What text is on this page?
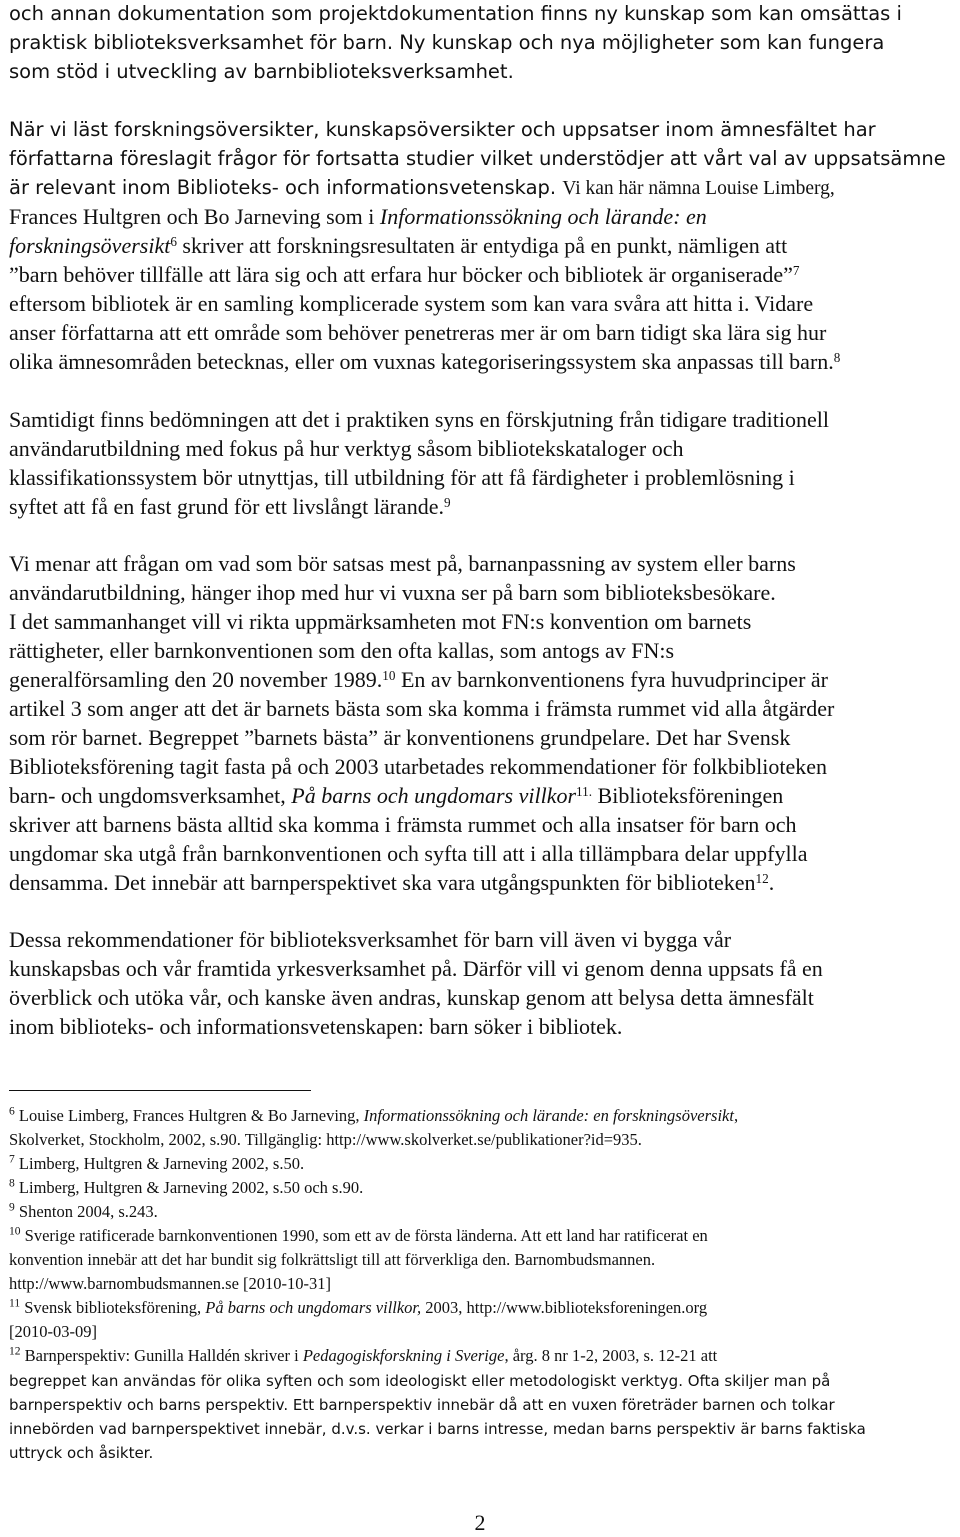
och annan dokumentation som projektdokumentation finns ny kunskap som kan omsättas i
praktisk biblioteksverksamhet för barn. Ny kunskap och nya möjligheter som kan fungera
som stöd i utveckling av barnbiblioteksverksamhet.
När vi läst forskningsöversikter, kunskapsöversikter och uppsatser inom ämnesfältet har
författarna föreslagit frågor för fortsatta studier vilket understödjer att vårt val av uppsatsämne
är relevant inom Biblioteks- och informationsvetenskap. Vi kan här nämna Louise Limberg,
Frances Hultgren och Bo Jarneving som i Informationssökning och lärande: en
forskningsöversikt$^6$ skriver att forskningsresultaten är entydiga på en punkt, nämligen att
”barn behöver tillfälle att lära sig och att erfara hur böcker och bibliotek är organiserade”$^7$
eftersom bibliotek är en samling komplicerade system som kan vara svåra att hitta i. Vidare
anser författarna att ett område som behöver penetreras mer är om barn tidigt ska lära sig hur
olika ämnesområden betecknas, eller om vuxnas kategoriseringssystem ska anpassas till barn.$^8$
Samtidigt finns bedömningen att det i praktiken syns en förskjutning från tidigare traditionell
användarutbildning med fokus på hur verktyg såsom bibliotekskataloger och
klassifikationssystem bör utnyttjas, till utbildning för att få färdigheter i problemlösning i
syftet att få en fast grund för ett livslångt lärande.$^9$
Vi menar att frågan om vad som bör satsas mest på, barnanpassning av system eller barns
användarutbildning, hänger ihop med hur vi vuxna ser på barn som biblioteksbesökare.
I det sammanhanget vill vi rikta uppmärksamheten mot FN:s konvention om barnets
rättigheter, eller barnkonventionen som den ofta kallas, som antogs av FN:s
generalförsamling den 20 november 1989.10 En av barnkonventionens fyra huvudprinciper är
artikel 3 som anger att det är barnets bästa som ska komma i främsta rummet vid alla åtgärder
som rör barnet. Begreppet ”barnets bästa” är konventionens grundpelare. Det har Svensk
Biblioteksförening tagit fasta på och 2003 utarbetades rekommendationer för folkbiblioteken
barn- och ungdomsverksamhet, På barns och ungdomars villkor$^{11.}$ Biblioteksföreningen
skriver att barnens bästa alltid ska komma i främsta rummet och alla insatser för barn och
ungdomar ska utgå från barnkonventionen och syfta till att i alla tillämpbara delar uppfylla
densamma. Det innebär att barnperspektivet ska vara utgångspunkten för biblioteken$^{12}$.
Dessa rekommendationer för biblioteksverksamhet för barn vill även vi bygga vår
kunskapsbas och vår framtida yrkesverksamhet på. Därför vill vi genom denna uppsats få en
överblick och utöka vår, och kanske även andras, kunskap genom att belysa detta ämnesfält
inom biblioteks- och informationsvetenskapen: barn söker i bibliotek.
$^6$ Louise Limberg, Frances Hultgren & Bo Jarneving, Informationssökning och lärande: en forskningsöversikt,
Skolverket, Stockholm, 2002, s.90. Tillgänglig: http://www.skolverket.se/publikationer?id=935.
$^7$ Limberg, Hultgren & Jarneving 2002, s.50.
$^8$ Limberg, Hultgren & Jarneving 2002, s.50 och s.90.
$^9$ Shenton 2004, s.243.
$^{10}$ Sverige ratificerade barnkonventionen 1990, som ett av de första länderna. Att ett land har ratificerat en
konvention innebär att det har bundit sig folkrättsligt till att förverkliga den. Barnombudsmannen.
http://www.barnombudsmannen.se [2010-10-31]
$^{11}$ Svensk biblioteksförening, På barns och ungdomars villkor, 2003, http://www.biblioteksforeningen.org
[2010-03-09]
$^{12}$ Barnperspektiv: Gunilla Halldén skriver i Pedagogiskforskning i Sverige, årg. 8 nr 1-2, 2003, s. 12-21 att
begreppet kan användas för olika syften och som ideologiskt eller metodologiskt verktyg. Ofta skiljer man på
barnperspektiv och barns perspektiv. Ett barnperspektiv innebär då att en vuxen företräder barnen och tolkar
innebörden vad barnperspektivet innebär, d.v.s. verkar i barns intresse, medan barns perspektiv är barns faktiska
uttryck och åsikter.
2
